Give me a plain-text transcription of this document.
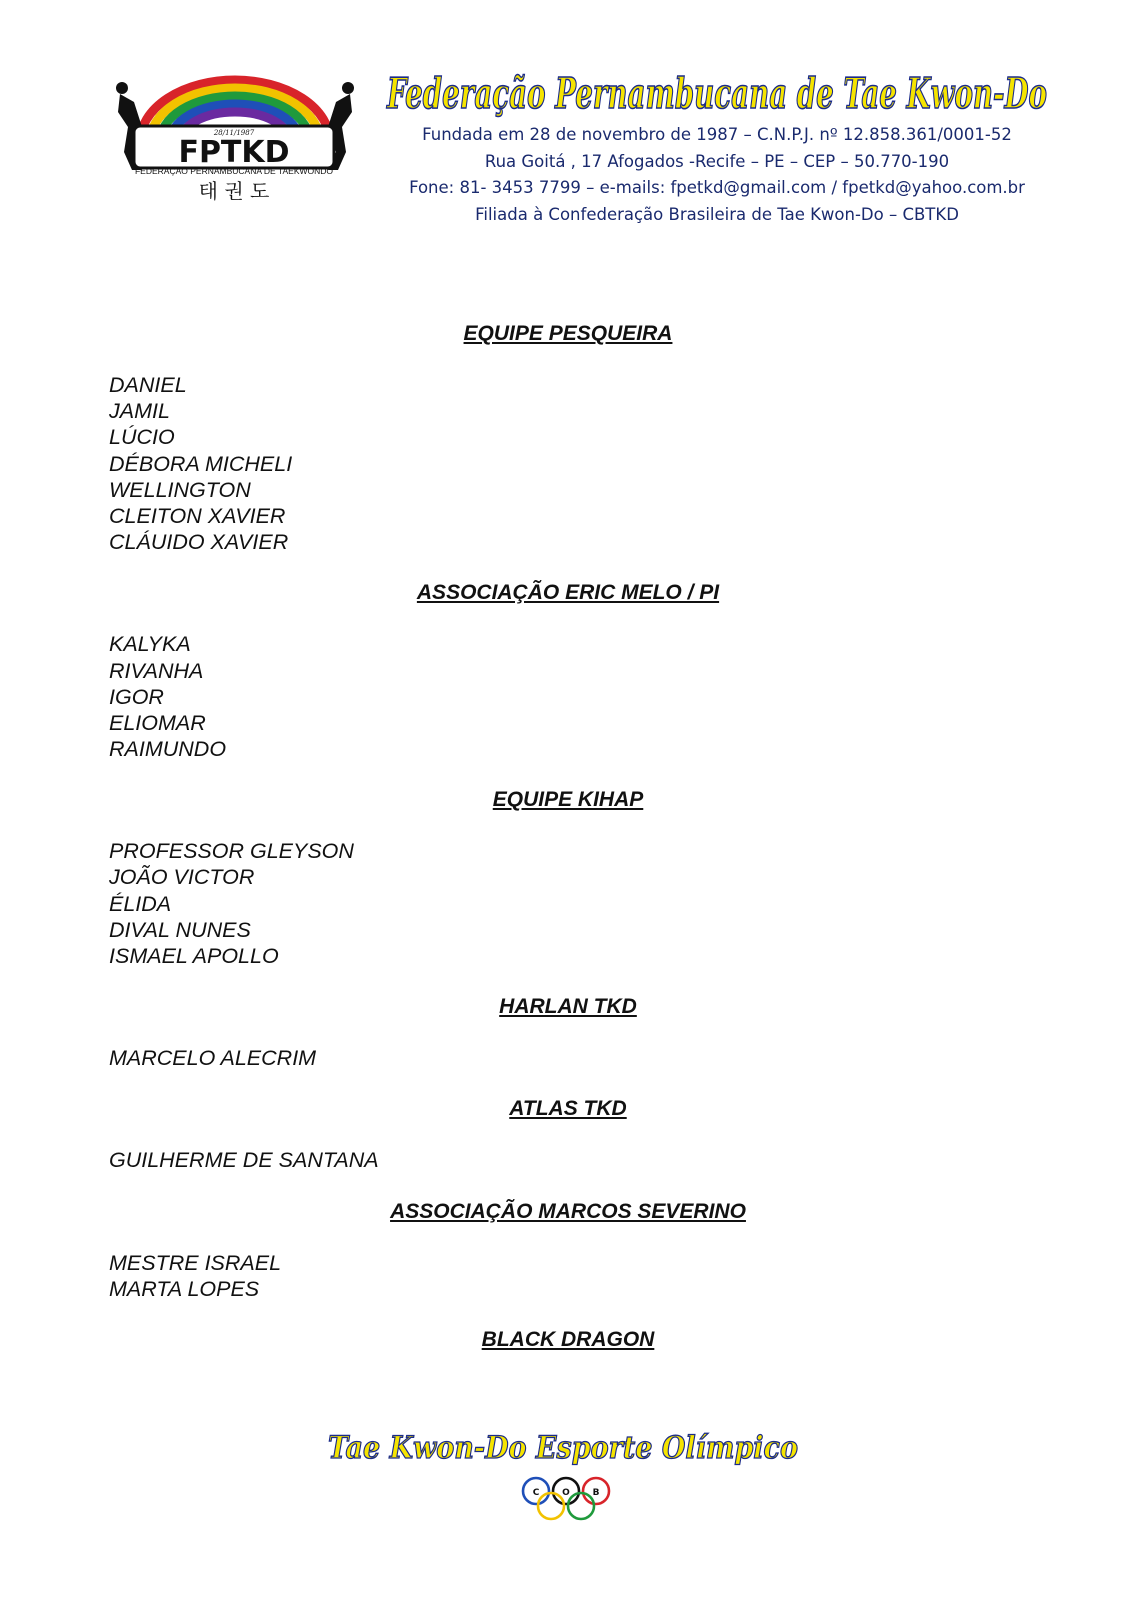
28/11/1987
FPTKD
FEDERAÇÃO PERNAMBUCANA DE TAEKWONDO
태 권 도
Federação Pernambucana de Tae Kwon-Do
Fundada em 28 de novembro de 1987 – C.N.P.J. nº 12.858.361/0001-52
Rua Goitá , 17 Afogados -Recife – PE – CEP – 50.770-190
Fone: 81- 3453 7799 – e-mails: fpetkd@gmail.com / fpetkd@yahoo.com.br
Filiada à Confederação Brasileira de Tae Kwon-Do – CBTKD
EQUIPE PESQUEIRA
DANIEL
JAMIL
LÚCIO
DÉBORA MICHELI
WELLINGTON
CLEITON XAVIER
CLÁUIDO XAVIER
ASSOCIAÇÃO ERIC MELO / PI
KALYKA
RIVANHA
IGOR
ELIOMAR
RAIMUNDO
EQUIPE KIHAP
PROFESSOR GLEYSON
JOÃO VICTOR
ÉLIDA
DIVAL NUNES
ISMAEL APOLLO
HARLAN TKD
MARCELO ALECRIM
ATLAS TKD
GUILHERME DE SANTANA
ASSOCIAÇÃO MARCOS SEVERINO
MESTRE ISRAEL
MARTA LOPES
BLACK DRAGON
Tae Kwon-Do Esporte Olímpico
C	O	B
